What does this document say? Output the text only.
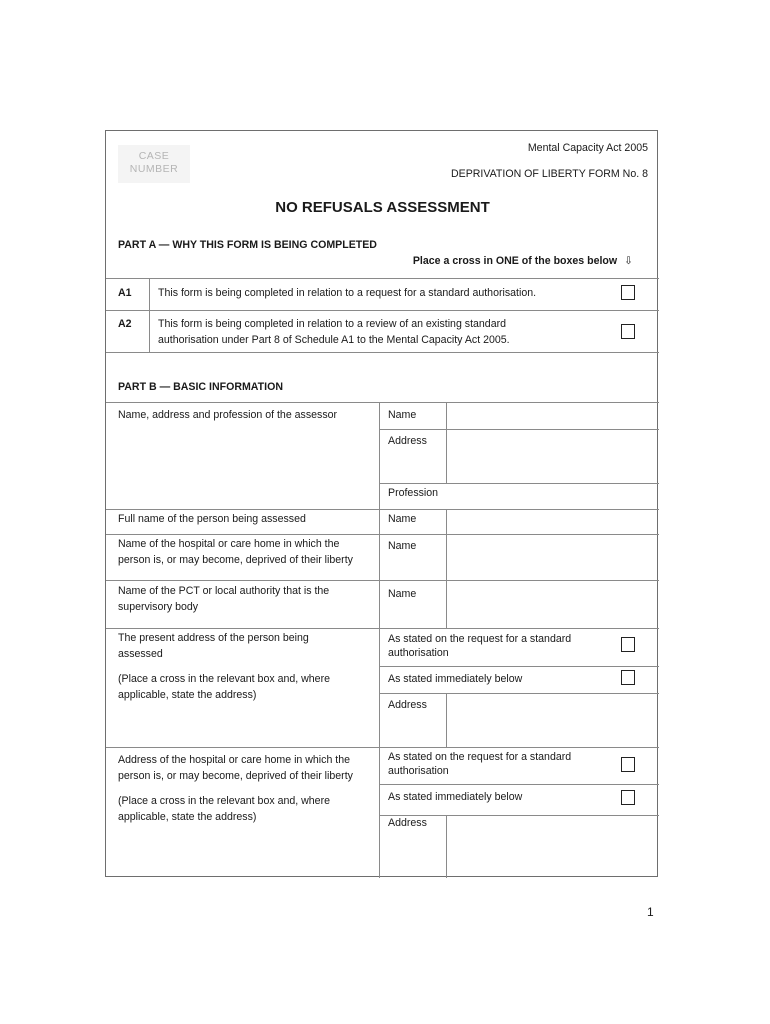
CASE NUMBER
Mental Capacity Act 2005
DEPRIVATION OF LIBERTY FORM No. 8
NO REFUSALS ASSESSMENT
PART A — WHY THIS FORM IS BEING COMPLETED
Place a cross in ONE of the boxes below ⇩
A1 This form is being completed in relation to a request for a standard authorisation.
A2 This form is being completed in relation to a review of an existing standard
authorisation under Part 8 of Schedule A1 to the Mental Capacity Act 2005.
PART B — BASIC INFORMATION
Name, address and profession of the assessor	Name
Address
Profession
Full name of the person being assessed	Name
Name of the hospital or care home in which the
person is, or may become, deprived of their liberty
Name
Name of the PCT or local authority that is the
supervisory body
Name
The present address of the person being
assessed
(Place a cross in the relevant box and, where
applicable, state the address)
As stated on the request for a standard
authorisation
As stated immediately below
Address
Address of the hospital or care home in which the
person is, or may become, deprived of their liberty
(Place a cross in the relevant box and, where
applicable, state the address)
As stated on the request for a standard
authorisation
As stated immediately below
Address
1
